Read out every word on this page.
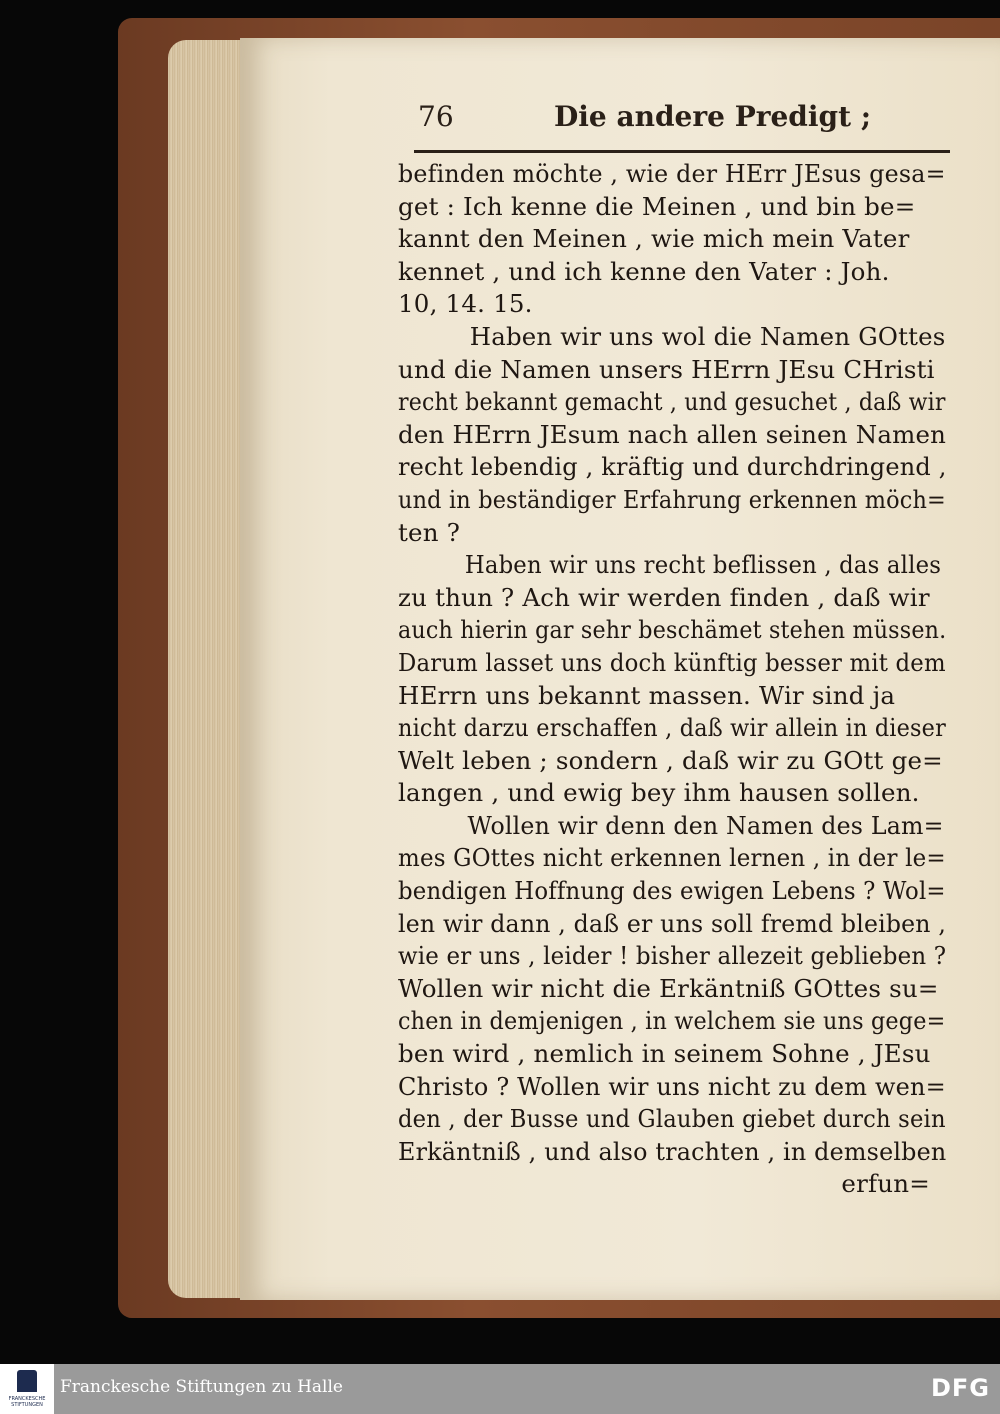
76	Die andere Predigt ;
befinden möchte , wie der HErr JEsus gesa=
get : Ich kenne die Meinen , und bin be=
kannt den Meinen , wie mich mein Vater
kennet , und ich kenne den Vater : Joh.
10, 14. 15.
Haben wir uns wol die Namen GOttes
und die Namen unsers HErrn JEsu CHristi
recht bekannt gemacht , und gesuchet , daß wir
den HErrn JEsum nach allen seinen Namen
recht lebendig , kräftig und durchdringend ,
und in beständiger Erfahrung erkennen möch=
ten ?
Haben wir uns recht beflissen , das alles
zu thun ? Ach wir werden finden , daß wir
auch hierin gar sehr beschämet stehen müssen.
Darum lasset uns doch künftig besser mit dem
HErrn uns bekannt massen. Wir sind ja
nicht darzu erschaffen , daß wir allein in dieser
Welt leben ; sondern , daß wir zu GOtt ge=
langen , und ewig bey ihm hausen sollen.
Wollen wir denn den Namen des Lam=
mes GOttes nicht erkennen lernen , in der le=
bendigen Hoffnung des ewigen Lebens ? Wol=
len wir dann , daß er uns soll fremd bleiben ,
wie er uns , leider ! bisher allezeit geblieben ?
Wollen wir nicht die Erkäntniß GOttes su=
chen in demjenigen , in welchem sie uns gege=
ben wird , nemlich in seinem Sohne , JEsu
Christo ? Wollen wir uns nicht zu dem wen=
den , der Busse und Glauben giebet durch sein
Erkäntniß , und also trachten , in demselben
erfun=
FRANCKESCHE STIFTUNGEN
Franckesche Stiftungen zu Halle	DFG
